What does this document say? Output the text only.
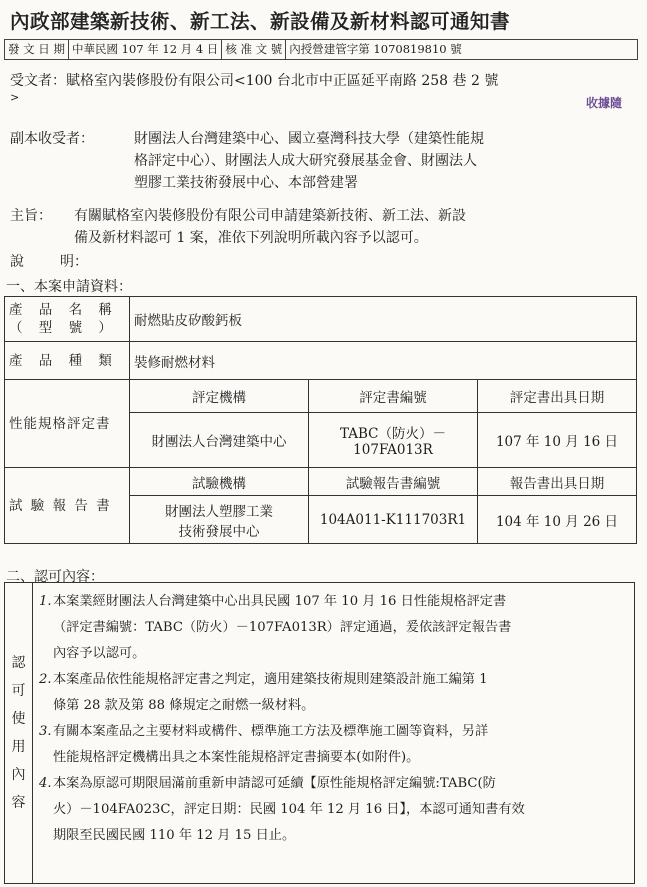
內政部建築新技術、新工法、新設備及新材料認可通知書
發 文 日 期 中華民國 107 年 12 月 4 日 核 准 文 號 內授營建管字第 1070819810 號
受文者：賦格室內裝修股份有限公司<100 台北市中正區延平南路 258 巷 2 號
>	收據隨
副本收受者：	財團法人台灣建築中心、國立臺灣科技大學（建築性能規
格評定中心）、財團法人成大研究發展基金會、財團法人
塑膠工業技術發展中心、本部營建署
主旨： 有關賦格室內裝修股份有限公司申請建築新技術、新工法、新設
備及新材料認可 1 案，准依下列說明所載內容予以認可。
說	明：
一、本案申請資料：
產 品 名 稱
（ 型 號 ）	耐燃貼皮矽酸鈣板		
產 品 種 類	裝修耐燃材料		
性能規格評定書	評定機構	評定書編號	評定書出具日期
	財團法人台灣建築中心	TABC（防火）－
107FA013R	107 年 10 月 16 日
試 驗 報 告 書	試驗機構	試驗報告書編號	報告書出具日期

	財團法人塑膠工業
技術發展中心	104A011-K111703R1	104 年 10 月 26 日
二、認可內容：
認
可
使
用
內
容
1. 本案業經財團法人台灣建築中心出具民國 107 年 10 月 16 日性能規格評定書
（評定書編號：TABC（防火）－107FA013R）評定通過，爰依該評定報告書
內容予以認可。
2. 本案產品依性能規格評定書之判定，適用建築技術規則建築設計施工編第 1
條第 28 款及第 88 條規定之耐燃一級材料。
3. 有關本案產品之主要材料或構件、標準施工方法及標準施工圖等資料，另詳
性能規格評定機構出具之本案性能規格評定書摘要本(如附件)。
4. 本案為原認可期限屆滿前重新申請認可延續【原性能規格評定編號:TABC(防
火）－104FA023C，評定日期：民國 104 年 12 月 16 日】，本認可通知書有效
期限至民國民國 110 年 12 月 15 日止。
